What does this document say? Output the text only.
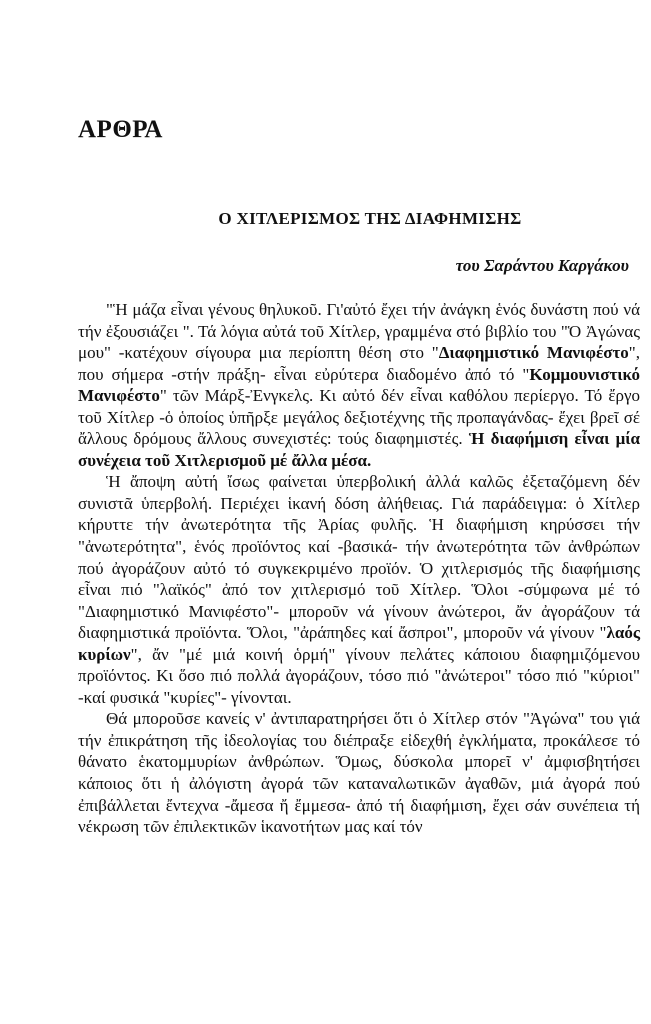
ΑΡΘΡΑ
Ο ΧΙΤΛΕΡΙΣΜΟΣ ΤΗΣ ΔΙΑΦΗΜΙΣΗΣ

του Σαράντου Καργάκου

"Ἡ μάζα εἶναι γένους θηλυκοῦ. Γι'αὐτό ἔχει τήν ἀνάγκη ἑνός δυνάστη πού νά τήν ἐξουσιάζει ". Τά λόγια αὐτά τοῦ Χίτλερ, γραμμένα στό βιβλίο του "Ὁ Ἀγώνας μου" -κατέχουν σίγουρα μια περίοπτη θέση στο "Διαφημιστικό Μανιφέστο", που σήμερα -στήν πράξη- εἶναι εὐρύτερα διαδομένο ἀπό τό "Κομμουνιστικό Μανιφέστο" τῶν Μάρξ-Ἐνγκελς. Κι αὐτό δέν εἶναι καθόλου περίεργο. Τό ἔργο τοῦ Χίτλερ -ὁ ὁποίος ὑπῆρξε μεγάλος δεξιοτέχνης τῆς προπαγάνδας- ἔχει βρεῖ σέ ἄλλους δρόμους ἄλλους συνεχιστές: τούς διαφημιστές. Ἡ διαφήμιση εἶναι μία συνέχεια τοῦ Χιτλερισμοῦ μέ ἄλλα μέσα.

Ἡ ἄποψη αὐτή ἴσως φαίνεται ὑπερβολική ἀλλά καλῶς ἐξεταζόμενη δέν συνιστᾶ ὑπερβολή. Περιέχει ἱκανή δόση ἀλήθειας. Γιά παράδειγμα: ὁ Χίτλερ κήρυττε τήν ἀνωτερότητα τῆς Ἀρίας φυλῆς. Ἡ διαφήμιση κηρύσσει τήν "ἀνωτερότητα", ἑνός προϊόντος καί -βασικά- τήν ἀνωτερότητα τῶν ἀνθρώπων πού ἀγοράζουν αὐτό τό συγκεκριμένο προϊόν. Ὁ χιτλερισμός τῆς διαφήμισης εἶναι πιό "λαϊκός" ἀπό τον χιτλερισμό τοῦ Χίτλερ. Ὅλοι -σύμφωνα μέ τό "Διαφημιστικό Μανιφέστο"- μποροῦν νά γίνουν ἀνώτεροι, ἄν ἀγοράζουν τά διαφημιστικά προϊόντα. Ὅλοι, "ἀράπηδες καί ἄσπροι", μποροῦν νά γίνουν "λαός κυρίων", ἄν "μέ μιά κοινή ὁρμή" γίνουν πελάτες κάποιου διαφημιζόμενου προϊόντος. Κι ὅσο πιό πολλά ἀγοράζουν, τόσο πιό "ἀνώτεροι" τόσο πιό "κύριοι" -καί φυσικά "κυρίες"- γίνονται.

Θά μποροῦσε κανείς ν' ἀντιπαρατηρήσει ὅτι ὁ Χίτλερ στόν "Ἀγώνα" του γιά τήν ἐπικράτηση τῆς ἰδεολογίας του διέπραξε εἰδεχθή ἐγκλήματα, προκάλεσε τό θάνατο ἑκατομμυρίων ἀνθρώπων. Ὅμως, δύσκολα μπορεῖ ν' ἀμφισβητήσει κάποιος ὅτι ἡ ἀλόγιστη ἀγορά τῶν καταναλωτικῶν ἀγαθῶν, μιά ἀγορά πού ἐπιβάλλεται ἔντεχνα -ἄμεσα ἤ ἔμμεσα- ἀπό τή διαφήμιση, ἔχει σάν συνέπεια τή νέκρωση τῶν ἐπιλεκτικῶν ἱκανοτήτων μας καί τόν
